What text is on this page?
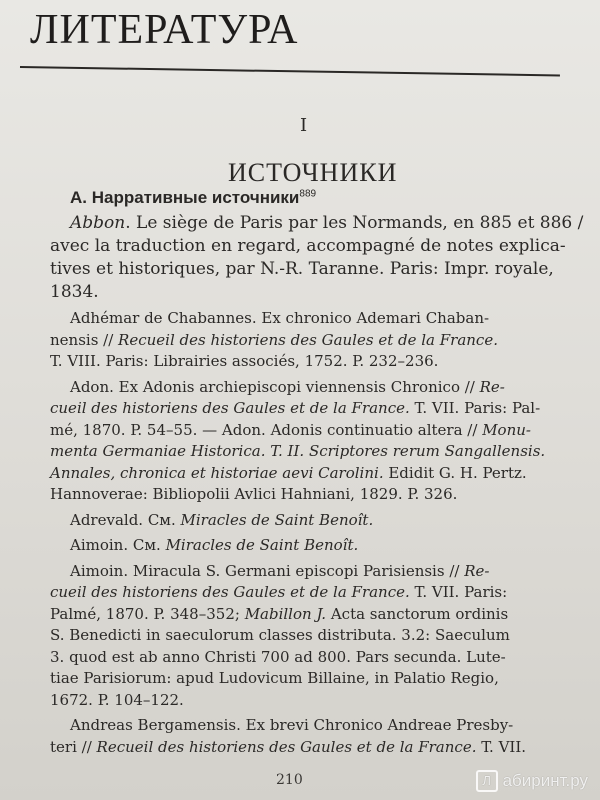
ЛИТЕРАТУРА
I
ИСТОЧНИКИ
А. Нарративные источники$^{889}$
Abbon. Le siège de Paris par les Normands, en 885 et 886 /
avec la traduction en regard, accompagné de notes explica-
tives et historiques, par N.-R. Taranne. Paris: Impr. royale,
1834.
Adhémar de Chabannes. Ex chronico Ademari Chaban-
nensis // Recueil des historiens des Gaules et de la France.
T. VIII. Paris: Librairies associés, 1752. P. 232–236.
Adon. Ex Adonis archiepiscopi viennensis Chronico // Re-
cueil des historiens des Gaules et de la France. T. VII. Paris: Pal-
mé, 1870. P. 54–55. — Adon. Adonis continuatio altera // Monu-
menta Germaniae Historica. T. II. Scriptores rerum Sangallensis.
Annales, chronica et historiae aevi Carolini. Edidit G. H. Pertz.
Hannoverae: Bibliopolii Avlici Hahniani, 1829. P. 326.
Adrevald. См. Miracles de Saint Benoît.
Aimoin. См. Miracles de Saint Benoît.
Aimoin. Miracula S. Germani episcopi Parisiensis // Re-
cueil des historiens des Gaules et de la France. T. VII. Paris:
Palmé, 1870. P. 348–352; Mabillon J. Acta sanctorum ordinis
S. Benedicti in saeculorum classes distributa. 3.2: Saeculum
3. quod est ab anno Christi 700 ad 800. Pars secunda. Lute-
tiae Parisiorum: apud Ludovicum Billaine, in Palatio Regio,
1672. P. 104–122.
Andreas Bergamensis. Ex brevi Chronico Andreae Presby-
teri // Recueil des historiens des Gaules et de la France. T. VII.
210	Л абиринт.ру
